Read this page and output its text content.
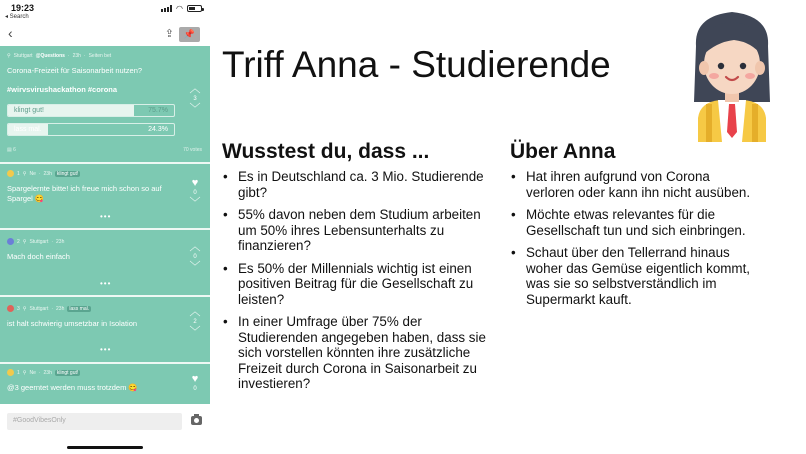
19:23
◂ Search
◠
‹	⇪	📌
⚲ Stuttgart @Questions · 23h · Seiten bet
Corona-Freizeit für Saisonarbeit nutzen?
#wirvsvirushackathon #corona
klingt gut!	75.7%
lass mal.	24.3%
︿
3
﹀
▤ 6	70 votes
1 ⚲ Ne · 23h	klingt gut!
Spargelernte bitte! ich freue mich schon so auf Spargel 😋
•••
♥
0
﹀
2 ⚲ Stuttgart · 23h
Mach doch einfach
•••
︿
0
﹀
3 ⚲ Stuttgart · 23h	lass mal.
ist halt schwierig umsetzbar in Isolation
•••
︿
2
﹀
1 ⚲ Ne · 23h	klingt gut!
@3 geerntet werden muss trotzdem 😋
♥
0
#GoodVibesOnly
Triff Anna - Studierende
Wusstest du, dass ...
• Es in Deutschland ca. 3 Mio. Studierende gibt?
• 55% davon neben dem Studium arbeiten um 50% ihres Lebensunterhalts zu finanzieren?
• Es 50% der Millennials wichtig ist einen positiven Beitrag für die Gesellschaft zu leisten?
• In einer Umfrage über 75% der Studierenden angegeben haben, dass sie sich vorstellen könnten ihre zusätzliche Freizeit durch Corona in Saisonarbeit zu investieren?
Über Anna
• Hat ihren aufgrund von Corona verloren oder kann ihn nicht ausüben.
• Möchte etwas relevantes für die Gesellschaft tun und sich einbringen.
• Schaut über den Tellerrand hinaus woher das Gemüse eigentlich kommt, was sie so selbstverständlich im Supermarkt kauft.
